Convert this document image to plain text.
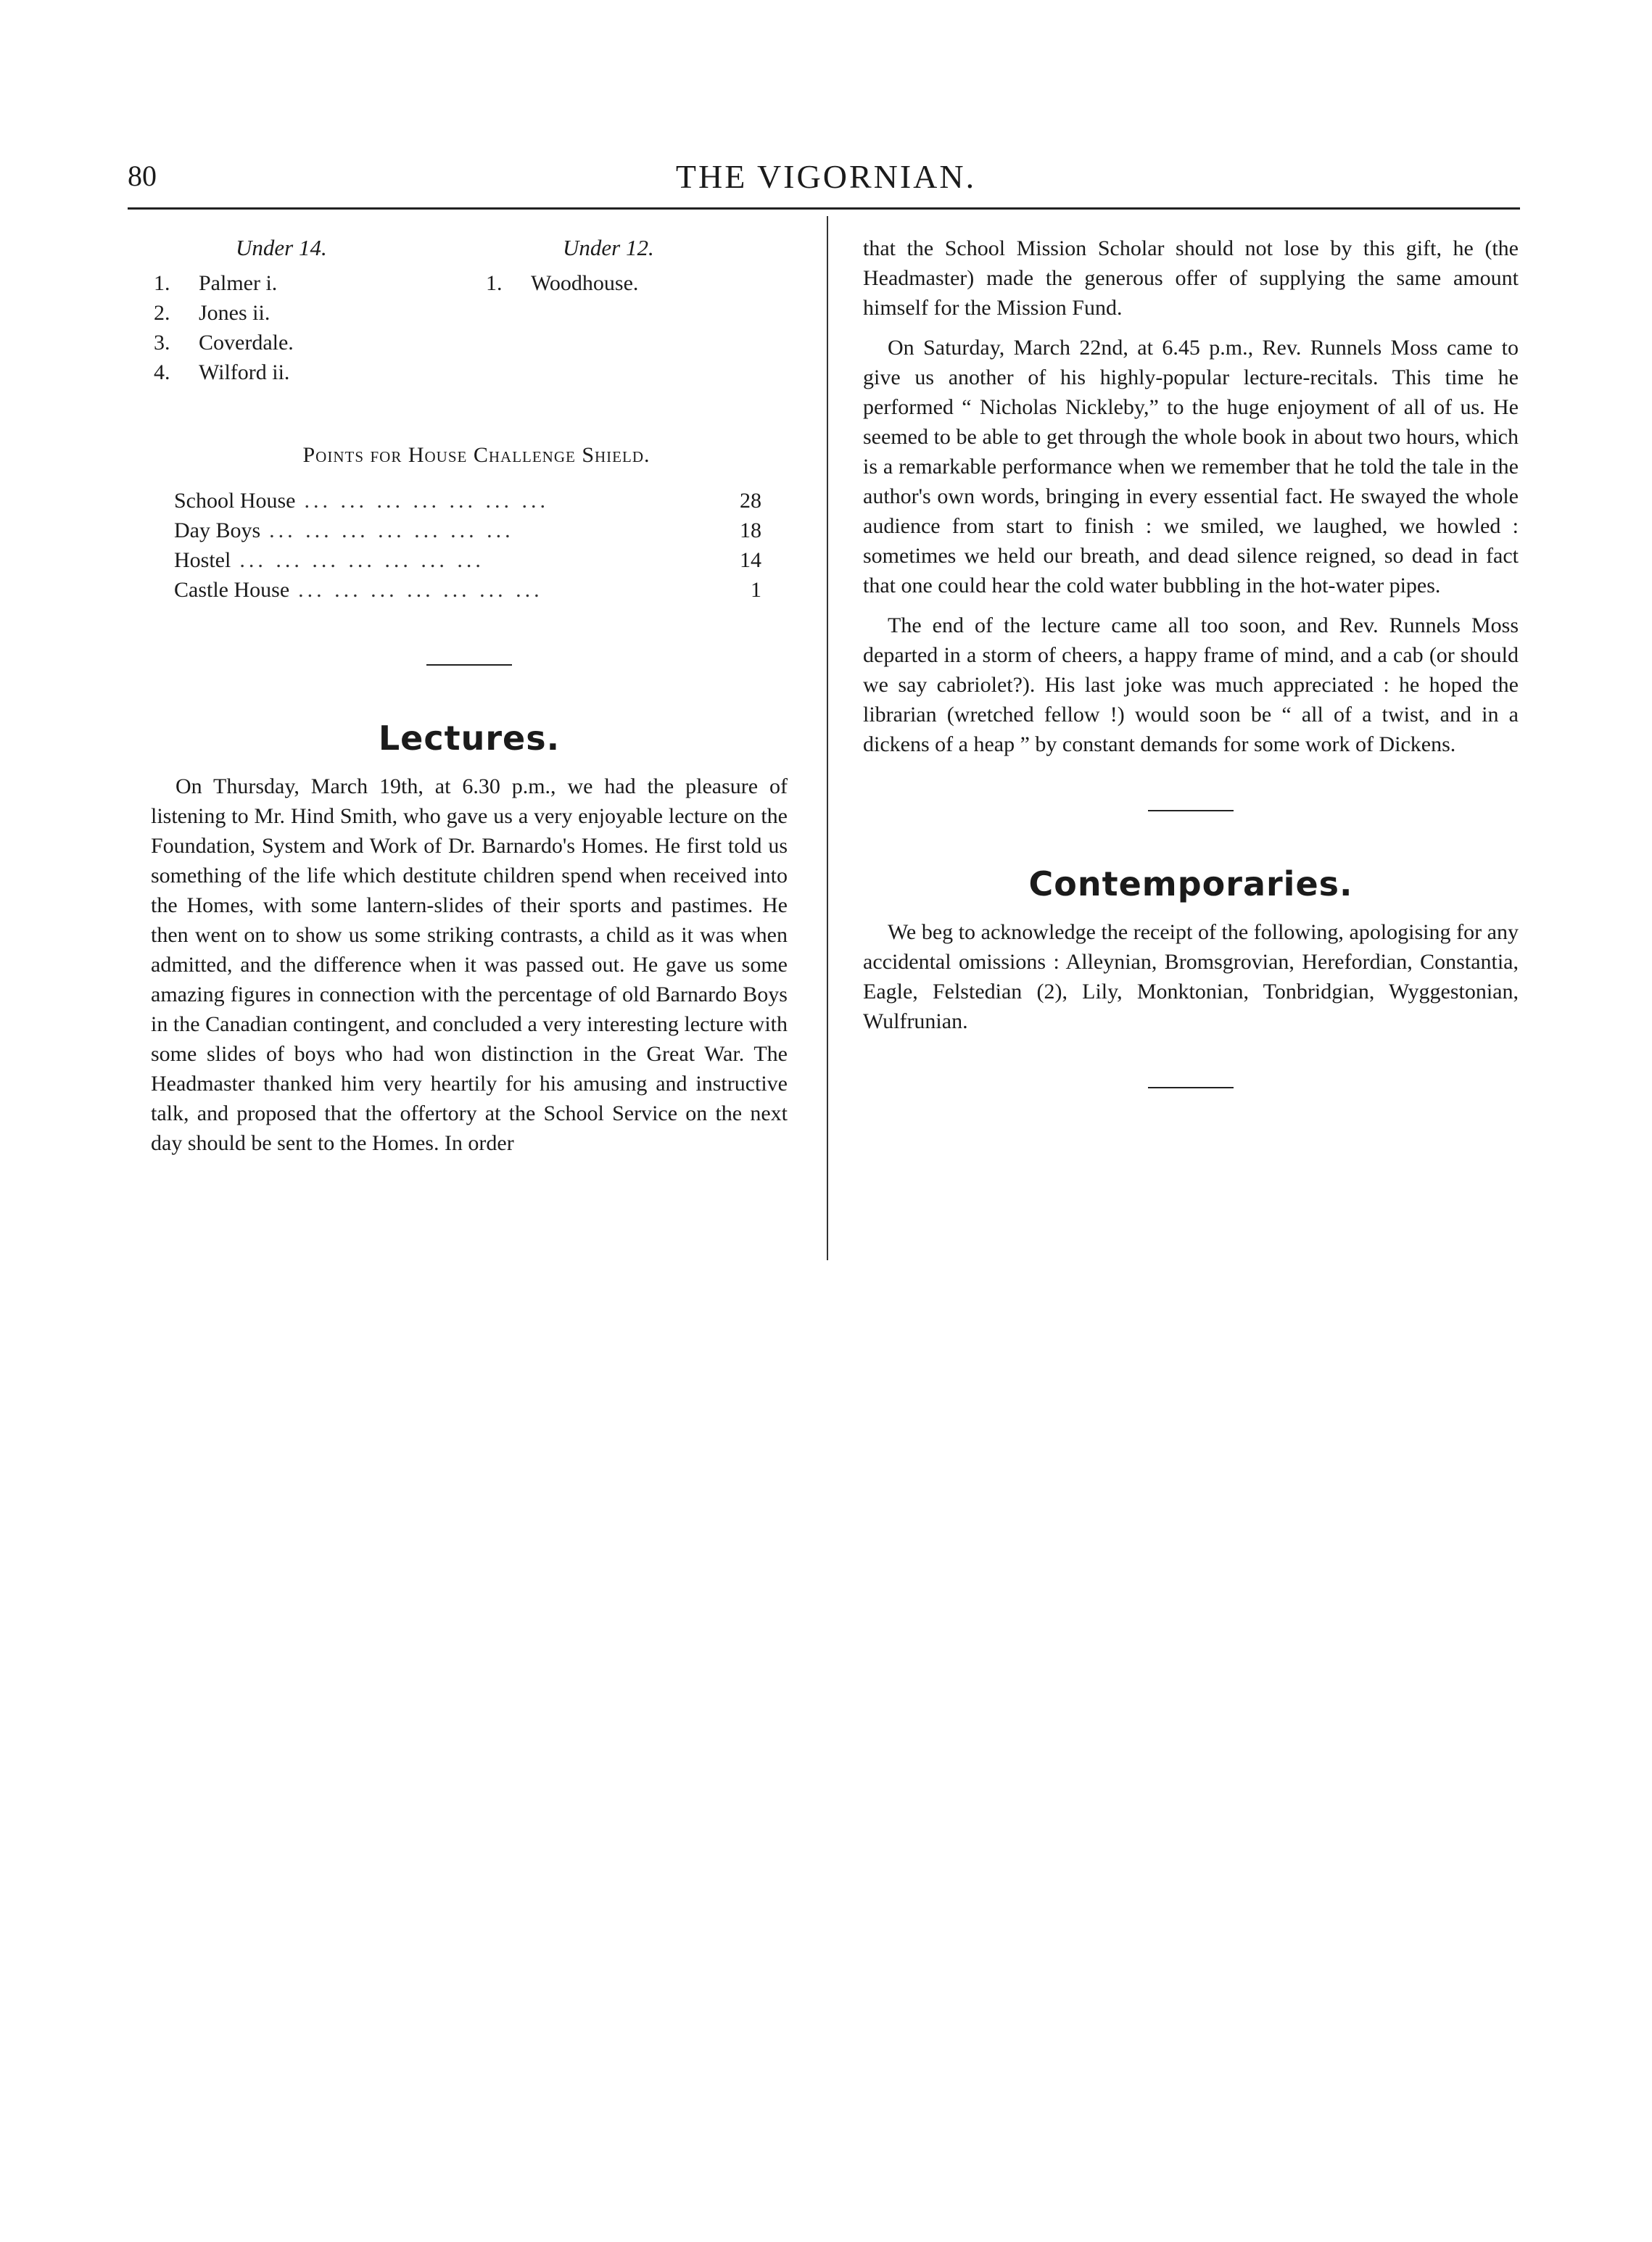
80	THE VIGORNIAN.
Under 14.
1.	Palmer i.
2.	Jones ii.
3.	Coverdale.
4.	Wilford ii.
Under 12.
1.	Woodhouse.
Points for House Challenge Shield.
School House ... ... ... ... ... ... ...	28
Day Boys ... ... ... ... ... ... ...	18
Hostel ... ... ... ... ... ... ...	14
Castle House ... ... ... ... ... ... ...	1
Lectures.

On Thursday, March 19th, at 6.30 p.m., we had the pleasure of listening to Mr. Hind Smith, who gave us a very enjoyable lecture on the Foundation, System and Work of Dr. Barnardo's Homes. He first told us something of the life which destitute children spend when received into the Homes, with some lantern-slides of their sports and pastimes. He then went on to show us some striking contrasts, a child as it was when admitted, and the difference when it was passed out. He gave us some amazing figures in connection with the percentage of old Barnardo Boys in the Canadian contingent, and concluded a very interesting lecture with some slides of boys who had won distinction in the Great War. The Headmaster thanked him very heartily for his amusing and instructive talk, and proposed that the offertory at the School Service on the next day should be sent to the Homes. In order

that the School Mission Scholar should not lose by this gift, he (the Headmaster) made the generous offer of supplying the same amount himself for the Mission Fund.

On Saturday, March 22nd, at 6.45 p.m., Rev. Runnels Moss came to give us another of his highly-popular lecture-recitals. This time he performed “ Nicholas Nickleby,” to the huge enjoyment of all of us. He seemed to be able to get through the whole book in about two hours, which is a remarkable performance when we remember that he told the tale in the author's own words, bringing in every essential fact. He swayed the whole audience from start to finish : we smiled, we laughed, we howled : sometimes we held our breath, and dead silence reigned, so dead in fact that one could hear the cold water bubbling in the hot-water pipes.

The end of the lecture came all too soon, and Rev. Runnels Moss departed in a storm of cheers, a happy frame of mind, and a cab (or should we say cabriolet?). His last joke was much appreciated : he hoped the librarian (wretched fellow !) would soon be “ all of a twist, and in a dickens of a heap ” by constant demands for some work of Dickens.

Contemporaries.

We beg to acknowledge the receipt of the following, apologising for any accidental omissions : Alleynian, Bromsgrovian, Herefordian, Constantia, Eagle, Felstedian (2), Lily, Monktonian, Tonbridgian, Wyggestonian, Wulfrunian.
